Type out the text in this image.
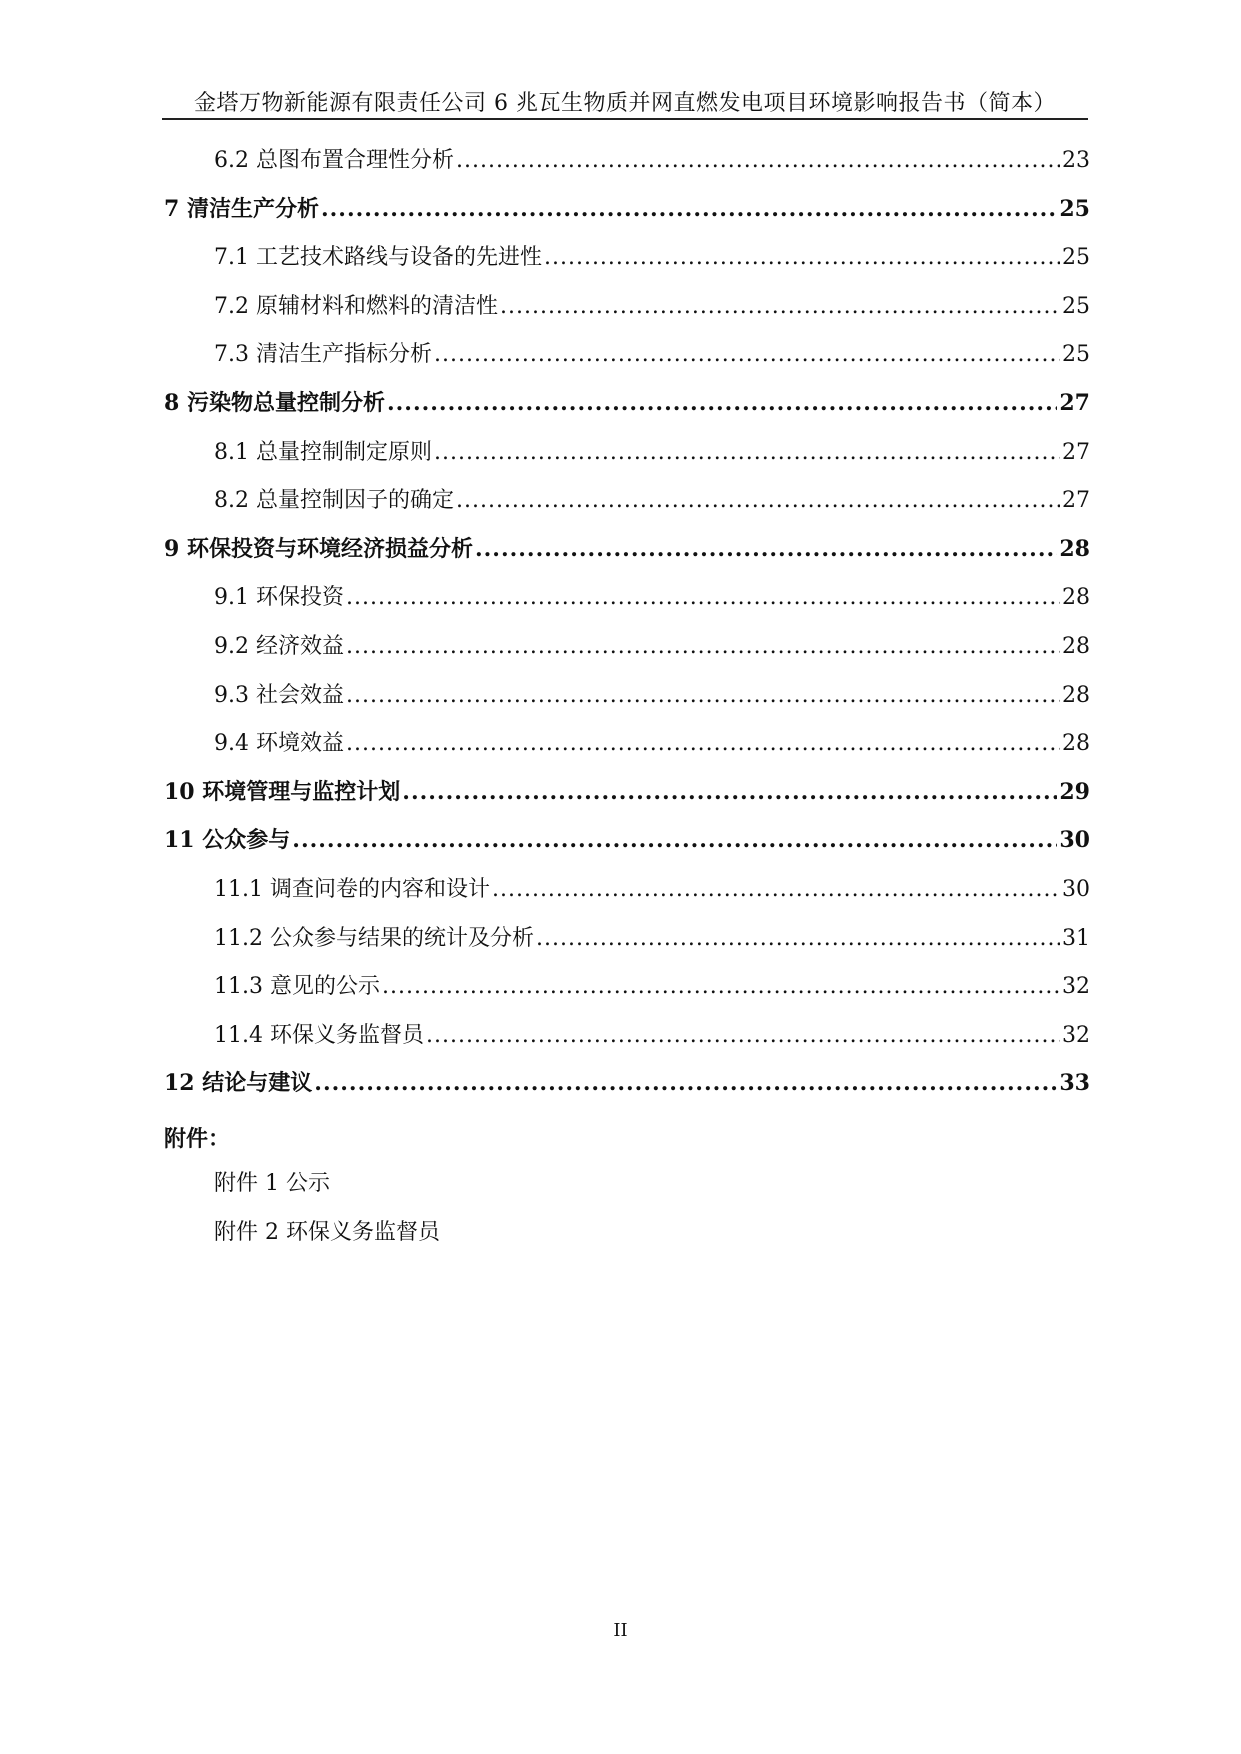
金塔万物新能源有限责任公司 6 兆瓦生物质并网直燃发电项目环境影响报告书（简本）
6.2 总图布置合理性分析 .....	23
7 清洁生产分析 .....	25
7.1 工艺技术路线与设备的先进性 .....	25
7.2 原辅材料和燃料的清洁性 .....	25
7.3 清洁生产指标分析 .....	25
8 污染物总量控制分析 .....	27
8.1 总量控制制定原则 .....	27
8.2 总量控制因子的确定 .....	27
9 环保投资与环境经济损益分析 .....	28
9.1 环保投资 .....	28
9.2 经济效益 .....	28
9.3 社会效益 .....	28
9.4 环境效益 .....	28
10 环境管理与监控计划 .....	29
11 公众参与 .....	30
11.1 调查问卷的内容和设计 .....	30
11.2 公众参与结果的统计及分析 .....	31
11.3 意见的公示 .....	32
11.4 环保义务监督员 .....	32
12 结论与建议 .....	33
附件：
附件 1 公示
附件 2 环保义务监督员
II
